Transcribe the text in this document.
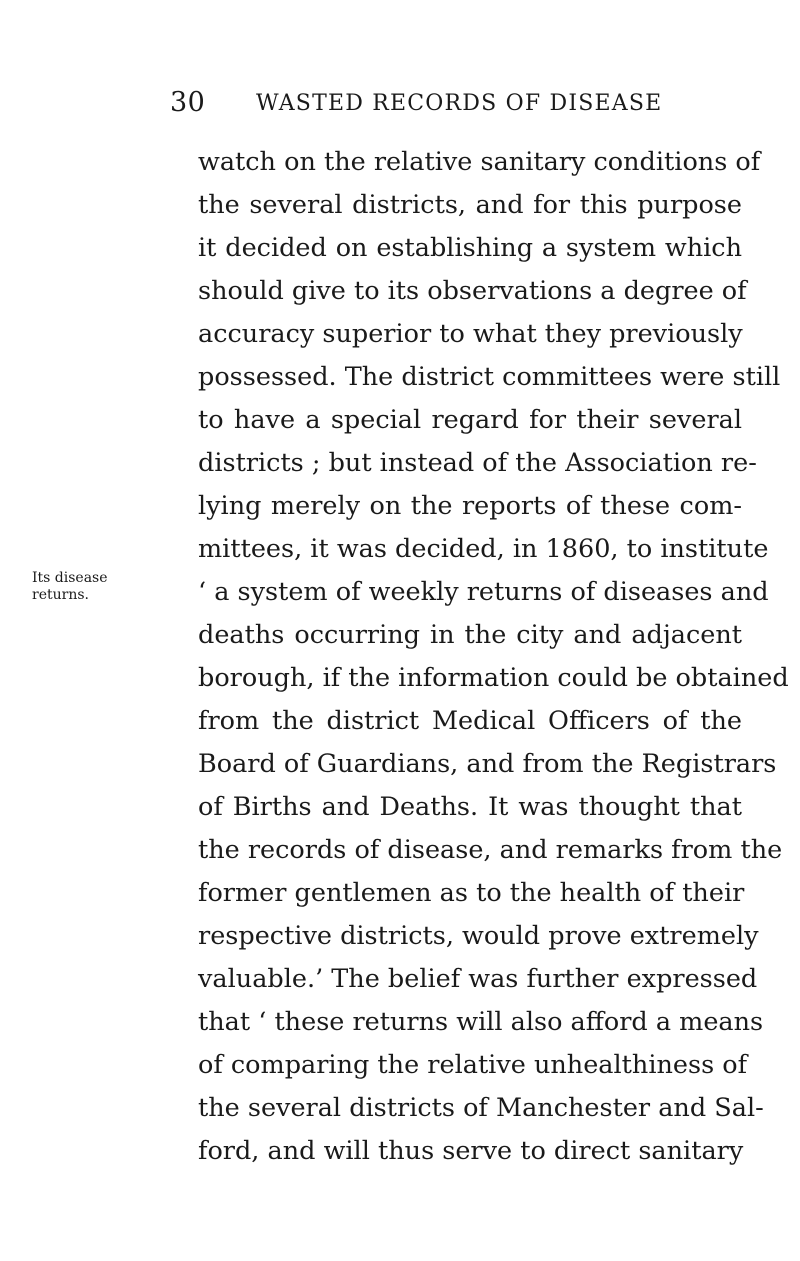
30 WASTED RECORDS OF DISEASE
Its disease
returns.
watch on the relative sanitary conditions of
the several districts, and for this purpose
it decided on establishing a system which
should give to its observations a degree of
accuracy superior to what they previously
possessed. The district committees were still
to have a special regard for their several
districts ; but instead of the Association re-
lying merely on the reports of these com-
mittees, it was decided, in 1860, to institute
‘ a system of weekly returns of diseases and
deaths occurring in the city and adjacent
borough, if the information could be obtained
from the district Medical Officers of the
Board of Guardians, and from the Registrars
of Births and Deaths. It was thought that
the records of disease, and remarks from the
former gentlemen as to the health of their
respective districts, would prove extremely
valuable.’ The belief was further expressed
that ‘ these returns will also afford a means
of comparing the relative unhealthiness of
the several districts of Manchester and Sal-
ford, and will thus serve to direct sanitary
